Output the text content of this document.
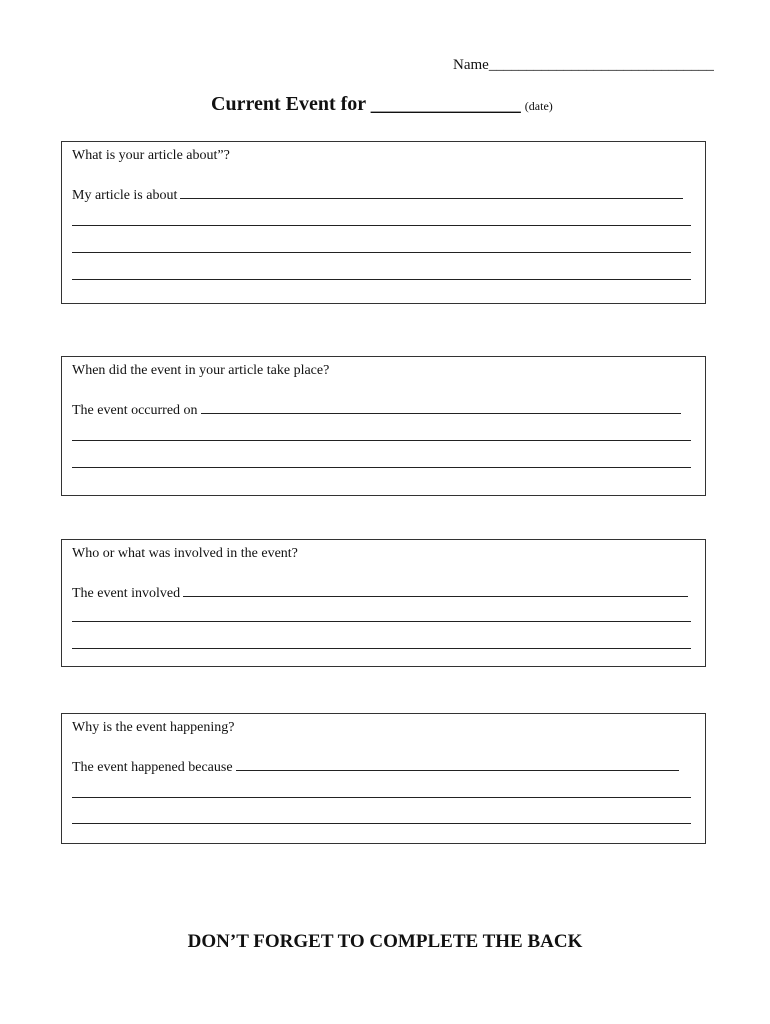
Name______________________________
Current Event for _______________ (date)
What is your article about”?
My article is about
When did the event in your article take place?
The event occurred on
Who or what was involved in the event?
The event involved
Why is the event happening?
The event happened because
DON’T FORGET TO COMPLETE THE BACK
